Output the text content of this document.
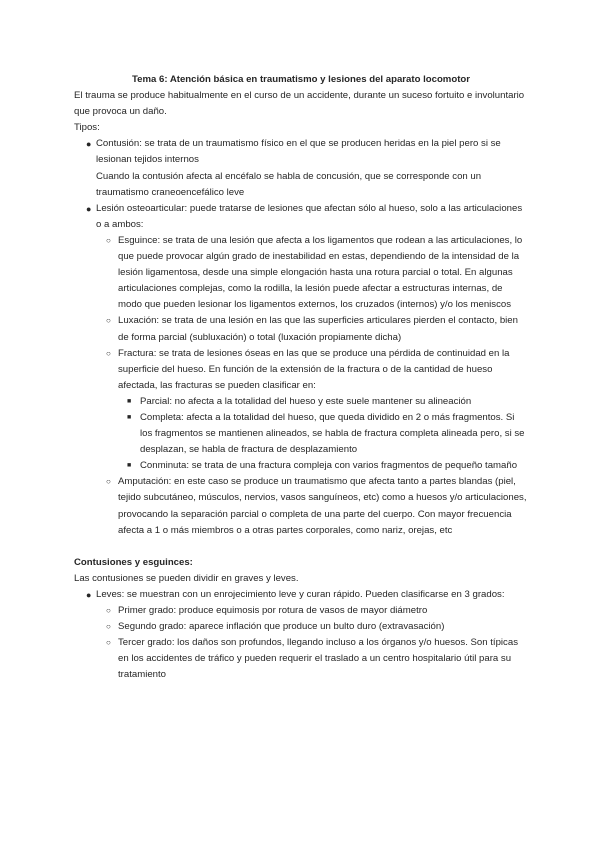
Tema 6: Atención básica en traumatismo y lesiones del aparato locomotor

El trauma se produce habitualmente en el curso de un accidente, durante un suceso fortuito e involuntario que provoca un daño.

Tipos:

● Contusión: se trata de un traumatismo físico en el que se producen heridas en la piel pero si se lesionan tejidos internos
Cuando la contusión afecta al encéfalo se habla de concusión, que se corresponde con un traumatismo craneoencefálico leve
● Lesión osteoarticular: puede tratarse de lesiones que afectan sólo al hueso, solo a las articulaciones o a ambos:
○ Esguince: se trata de una lesión que afecta a los ligamentos que rodean a las articulaciones, lo que puede provocar algún grado de inestabilidad en estas, dependiendo de la intensidad de la lesión ligamentosa, desde una simple elongación hasta una rotura parcial o total. En algunas articulaciones complejas, como la rodilla, la lesión puede afectar a estructuras internas, de modo que pueden lesionar los ligamentos externos, los cruzados (internos) y/o los meniscos
○ Luxación: se trata de una lesión en las que las superficies articulares pierden el contacto, bien de forma parcial (subluxación) o total (luxación propiamente dicha)
○ Fractura: se trata de lesiones óseas en las que se produce una pérdida de continuidad en la superficie del hueso. En función de la extensión de la fractura o de la cantidad de hueso afectada, las fracturas se pueden clasificar en:
■ Parcial: no afecta a la totalidad del hueso y este suele mantener su alineación
■ Completa: afecta a la totalidad del hueso, que queda dividido en 2 o más fragmentos. Si los fragmentos se mantienen alineados, se habla de fractura completa alineada pero, si se desplazan, se habla de fractura de desplazamiento
■ Conminuta: se trata de una fractura compleja con varios fragmentos de pequeño tamaño
○ Amputación: en este caso se produce un traumatismo que afecta tanto a partes blandas (piel, tejido subcutáneo, músculos, nervios, vasos sanguíneos, etc) como a huesos y/o articulaciones, provocando la separación parcial o completa de una parte del cuerpo. Con mayor frecuencia afecta a 1 o más miembros o a otras partes corporales, como nariz, orejas, etc

Contusiones y esguinces:

Las contusiones se pueden dividir en graves y leves.

● Leves: se muestran con un enrojecimiento leve y curan rápido. Pueden clasificarse en 3 grados:
○ Primer grado: produce equimosis por rotura de vasos de mayor diámetro
○ Segundo grado: aparece inflación que produce un bulto duro (extravasación)
○ Tercer grado: los daños son profundos, llegando incluso a los órganos y/o huesos. Son típicas en los accidentes de tráfico y pueden requerir el traslado a un centro hospitalario útil para su tratamiento
